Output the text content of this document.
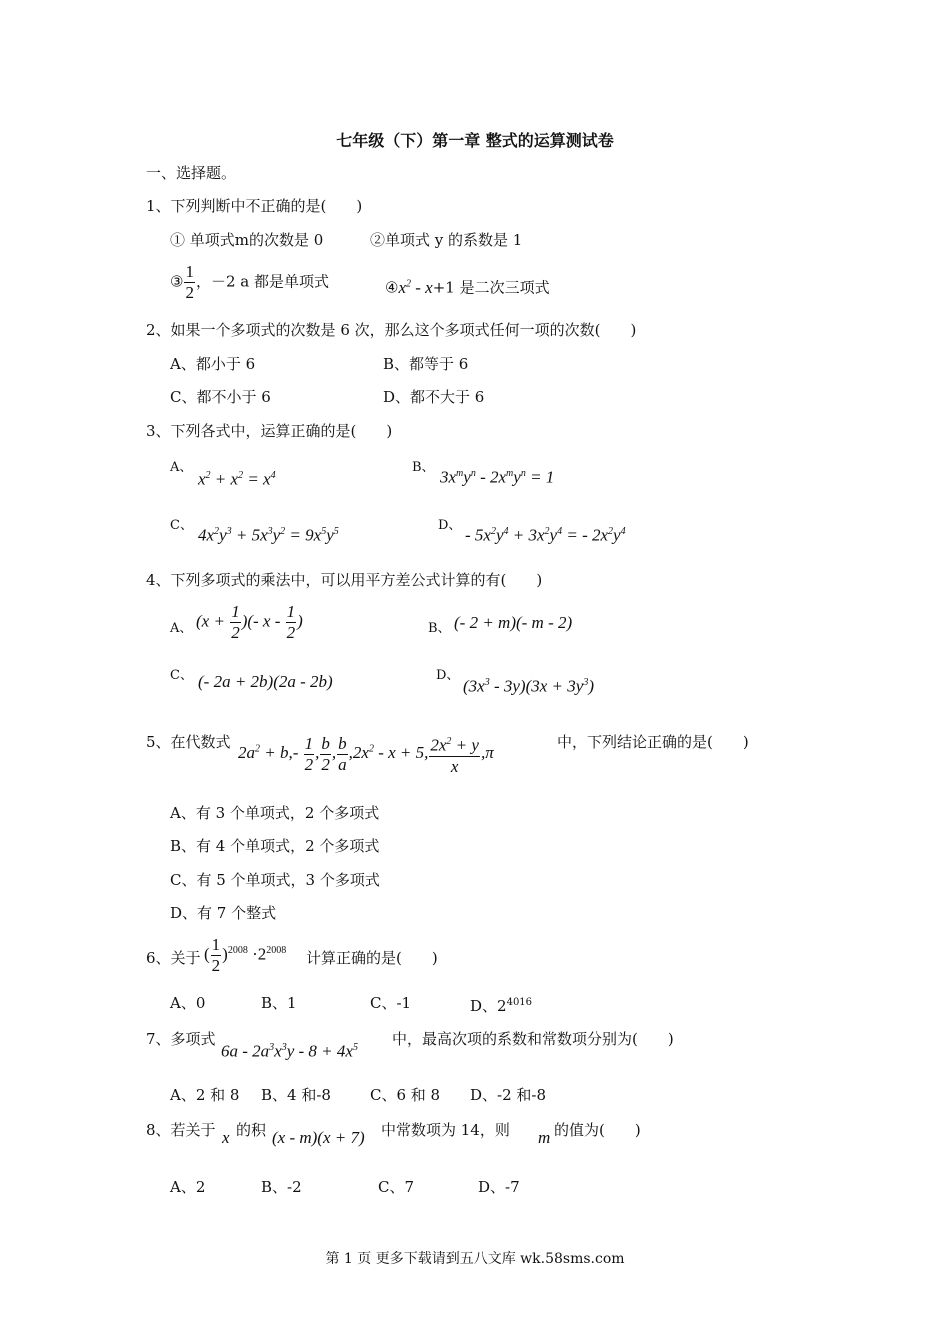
七年级（下）第一章 整式的运算测试卷
一、选择题。
1、下列判断中不正确的是(　　)
① 单项式m的次数是 0	②单项式 y 的系数是 1
③ $\frac{1}{2}$ ，－2 a 都是单项式	$④x^2 - x+1$ 是二次三项式
2、如果一个多项式的次数是 6 次，那么这个多项式任何一项的次数(　　)
A、都小于 6	B、都等于 6
C、都不小于 6	D、都不大于 6
3、下列各式中，运算正确的是(　　)
A、
$x^2 + x^2 = x^4$
B、
$3x^my^n - 2x^my^n = 1$
C、
$4x^2y^3 + 5x^3y^2 = 9x^5y^5$	D、
- $5x^2y^4 + 3x^2y^4$ = - $2x^2y^4$
4、下列多项式的乘法中，可以用平方差公式计算的有(　　)
A、 ($x + \frac{1}{2}$ )(- x - $\frac{1}{2}$ )	B、 (- 2 + m)(- m - 2)
C、 (- 2a + 2b)(2a - 2b)	D、
$(3x^3 - 3y)(3x + 3y^3)$
5、在代数式
$2a^2 + b,- \frac{1}{2}$ , $\frac{b}{2}$ , $\frac{b}{a} ,2x^2 - x + 5$, $\frac{2x^2 + y}{x} ,\pi$
中，下列结论正确的是(　　)
A、有 3 个单项式，2 个多项式
B、有 4 个单项式，2 个多项式
C、有 5 个单项式，3 个多项式
D、有 7 个整式
6、关于 ( $\frac{1}{2} )^{2008} \cdot 2^{2008}$ 计算正确的是(　　)
A、0	B、1	C、-1	D、$2^{4016}$
7、多项式
$6a - 2a^3x^3y - 8 + 4x^5$ 中，最高次项的系数和常数项分别为(　　)
A、2 和 8 B、4 和-8	C、6 和 8 D、-2 和-8
8、若关于 x 的积 (x - m)(x + 7) 中常数项为 14，则 m 的值为(　　)
A、2	B、-2	C、7	D、-7
第 1 页 更多下载请到五八文库 wk.58sms.com
